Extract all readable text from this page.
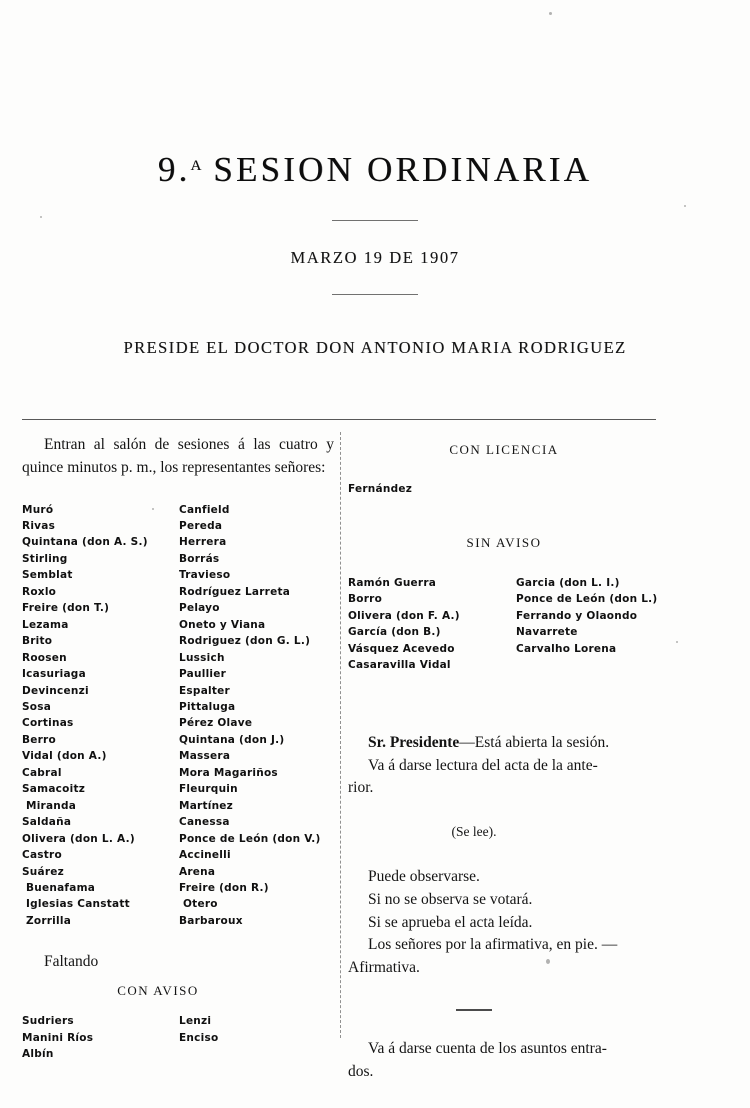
9.$^A$ SESION ORDINARIA
MARZO 19 DE 1907
PRESIDE EL DOCTOR DON ANTONIO MARIA RODRIGUEZ

Entran al salón de sesiones á las cuatro y quince minutos p. m., los representantes señores:

Muró
Rivas
Quintana (don A. S.)
Stirling
Semblat
Roxlo
Freire (don T.)
Lezama
Brito
Roosen
Icasuriaga
Devincenzi
Sosa
Cortinas
Berro
Vidal (don A.)
Cabral
Samacoitz
Miranda
Saldaña
Olivera (don L. A.)
Castro
Suárez
Buenafama
Iglesias Canstatt
Zorrilla
Canfield
Pereda
Herrera
Borrás
Travieso
Rodríguez Larreta
Pelayo
Oneto y Viana
Rodriguez (don G. L.)
Lussich
Paullier
Espalter
Pittaluga
Pérez Olave
Quintana (don J.)
Massera
Mora Magariños
Fleurquin
Martínez
Canessa
Ponce de León (don V.)
Accinelli
Arena
Freire (don R.)
Otero
Barbaroux
Faltando
CON AVISO
Sudriers
Manini Ríos
Albín
Lenzi
Enciso
CON LICENCIA
Fernández
SIN AVISO
Ramón Guerra
Borro
Olivera (don F. A.)
García (don B.)
Vásquez Acevedo
Casaravilla Vidal
Garcia (don L. I.)
Ponce de León (don L.)
Ferrando y Olaondo
Navarrete
Carvalho Lorena

Sr. Presidente—Está abierta la sesión.

Va á darse lectura del acta de la ante-

rior.

(Se lee).

Puede observarse.

Si no se observa se votará.

Si se aprueba el acta leída.

Los señores por la afirmativa, en pie. —

Afirmativa.

Va á darse cuenta de los asuntos entra-

dos.
